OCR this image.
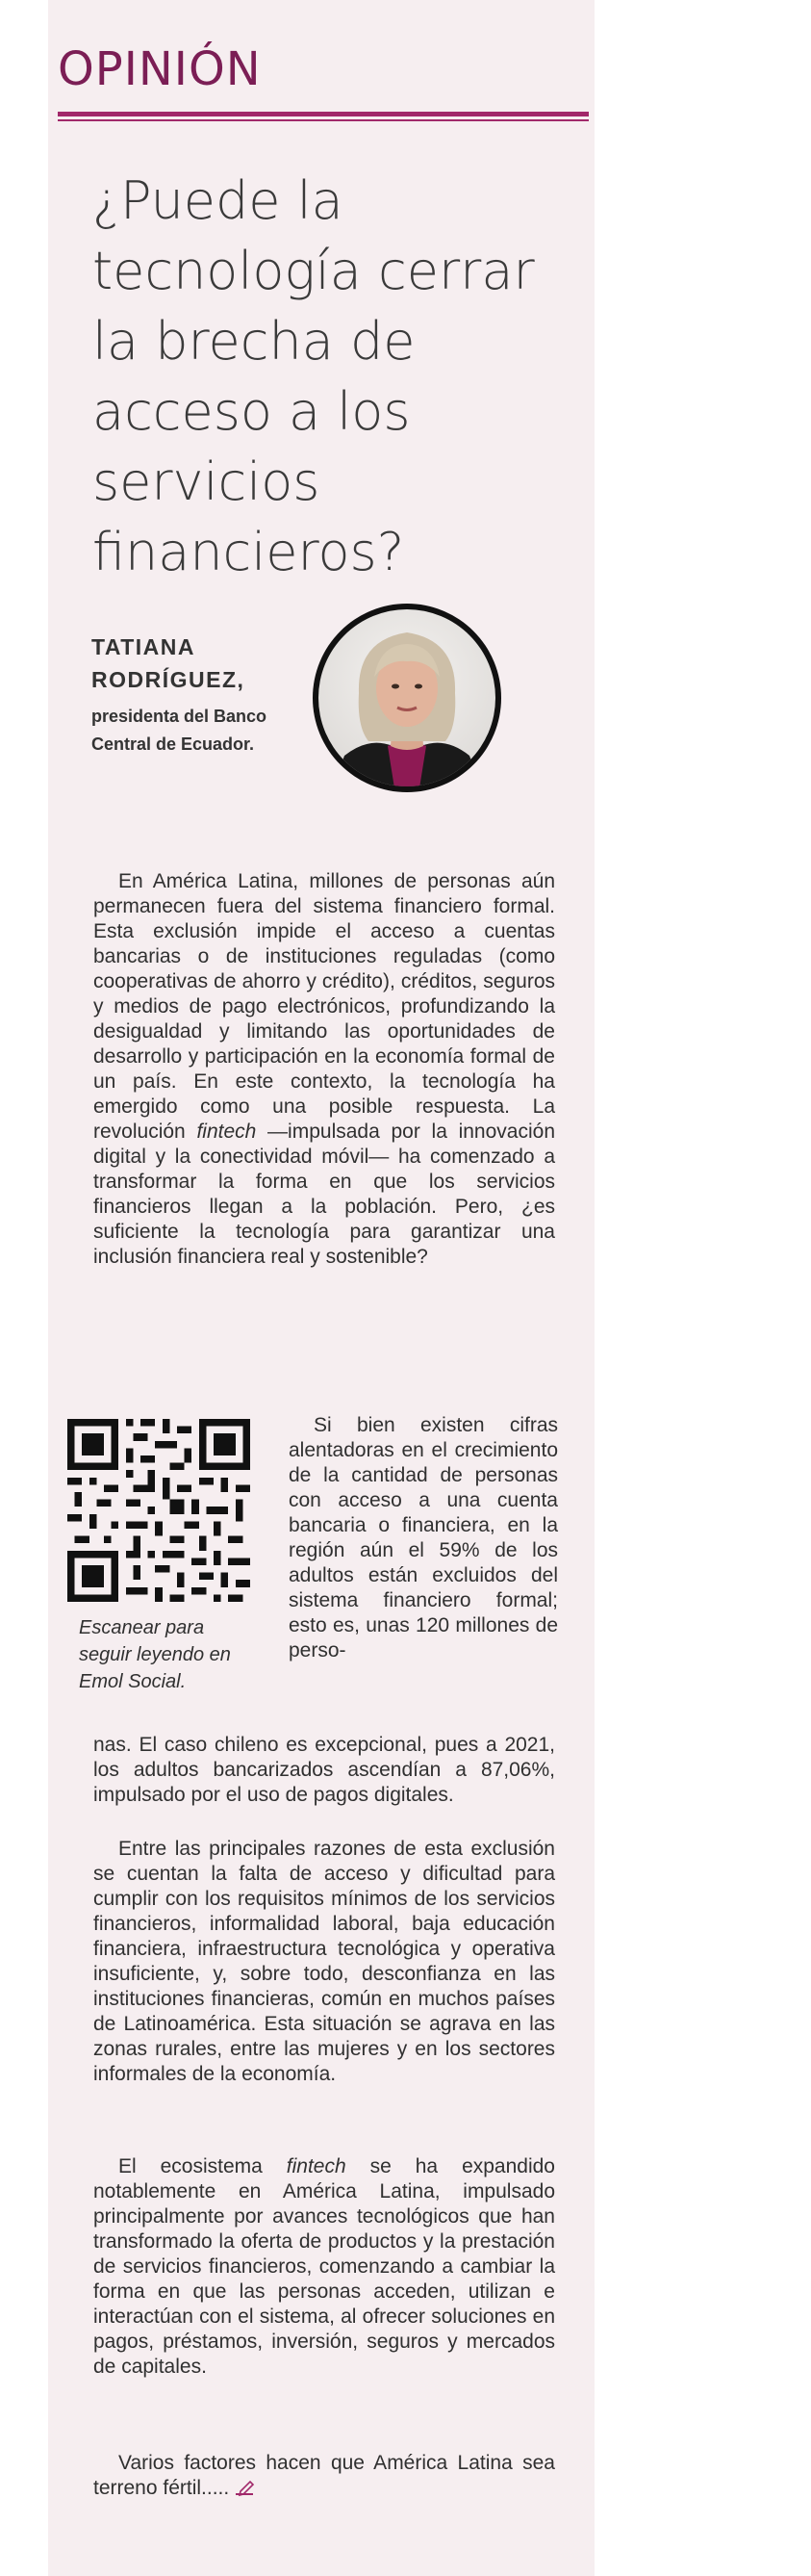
OPINIÓN
¿Puede la tecnología cerrar la brecha de acceso a los servicios financieros?
TATIANA RODRÍGUEZ,
presidenta del Banco Central de Ecuador.

En América Latina, millones de personas aún permanecen fuera del sistema financiero formal. Esta exclusión impide el acceso a cuentas bancarias o de instituciones reguladas (como cooperativas de ahorro y crédito), créditos, seguros y medios de pago electrónicos, profundizando la desigualdad y limitando las oportunidades de desarrollo y participación en la economía formal de un país. En este contexto, la tecnología ha emergido como una posible respuesta. La revolución fintech —impulsada por la innovación digital y la conectividad móvil— ha comenzado a transformar la forma en que los servicios financieros llegan a la población. Pero, ¿es suficiente la tecnología para garantizar una inclusión financiera real y sostenible?

Escanear para seguir leyendo en Emol Social.

Si bien existen cifras alentadoras en el crecimiento de la cantidad de personas con acceso a una cuenta bancaria o financiera, en la región aún el 59% de los adultos están excluidos del sistema financiero formal; esto es, unas 120 millones de perso-

nas. El caso chileno es excepcional, pues a 2021, los adultos bancarizados ascendían a 87,06%, impulsado por el uso de pagos digitales.

Entre las principales razones de esta exclusión se cuentan la falta de acceso y dificultad para cumplir con los requisitos mínimos de los servicios financieros, informalidad laboral, baja educación financiera, infraestructura tecnológica y operativa insuficiente, y, sobre todo, desconfianza en las instituciones financieras, común en muchos países de Latinoamérica. Esta situación se agrava en las zonas rurales, entre las mujeres y en los sectores informales de la economía.

El ecosistema fintech se ha expandido notablemente en América Latina, impulsado principalmente por avances tecnológicos que han transformado la oferta de productos y la prestación de servicios financieros, comenzando a cambiar la forma en que las personas acceden, utilizan e interactúan con el sistema, al ofrecer soluciones en pagos, préstamos, inversión, seguros y mercados de capitales.

Varios factores hacen que América Latina sea terreno fértil.....
